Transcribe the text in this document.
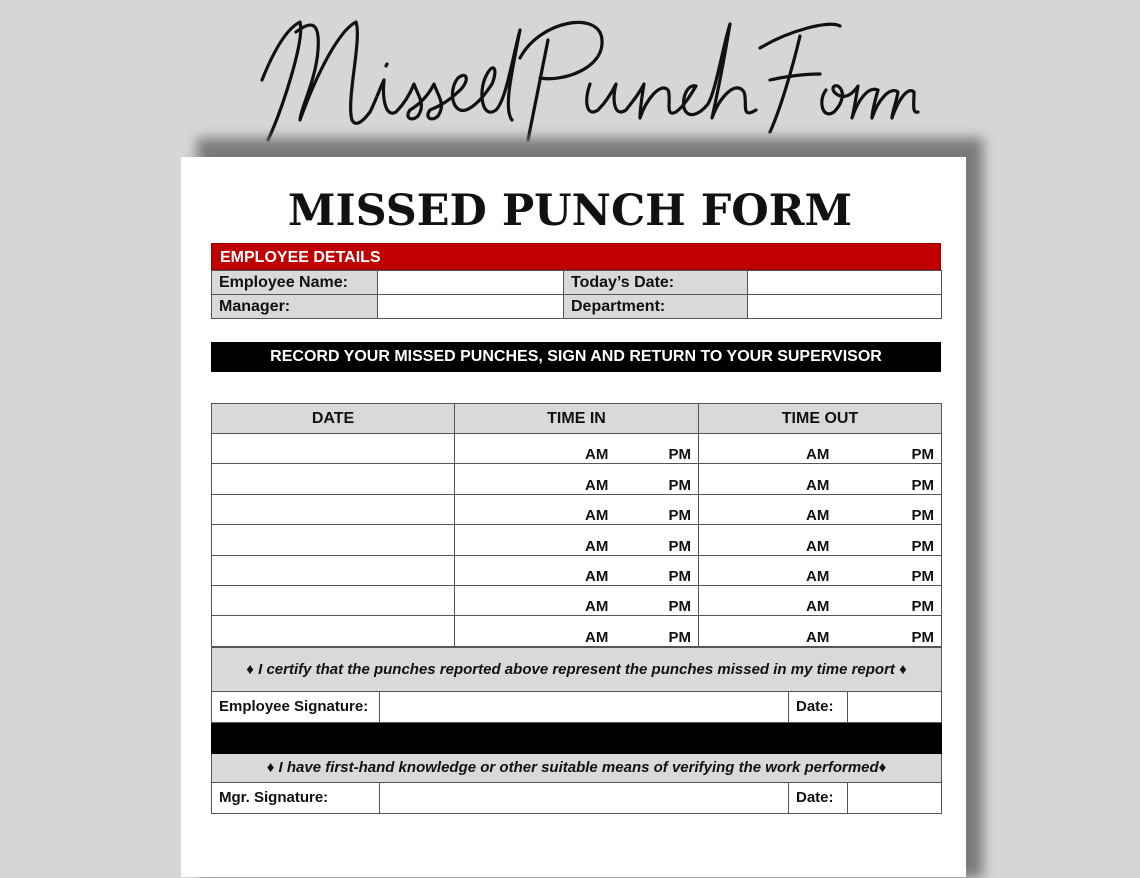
MISSED PUNCH FORM
EMPLOYEE DETAILS
Employee Name:		Today’s Date:	
Manager:		Department:	
RECORD YOUR MISSED PUNCHES, SIGN AND RETURN TO YOUR SUPERVISOR
DATE	TIME IN	TIME OUT

	AM PM	AM PM

	AM PM	AM PM

	AM PM	AM PM

	AM PM	AM PM

	AM PM	AM PM

	AM PM	AM PM

	AM PM	AM PM
♦ I certify that the punches reported above represent the punches missed in my time report ♦			
Employee Signature:		Date:	

♦ I have first-hand knowledge or other suitable means of verifying the work performed♦			
Mgr. Signature:		Date:	
